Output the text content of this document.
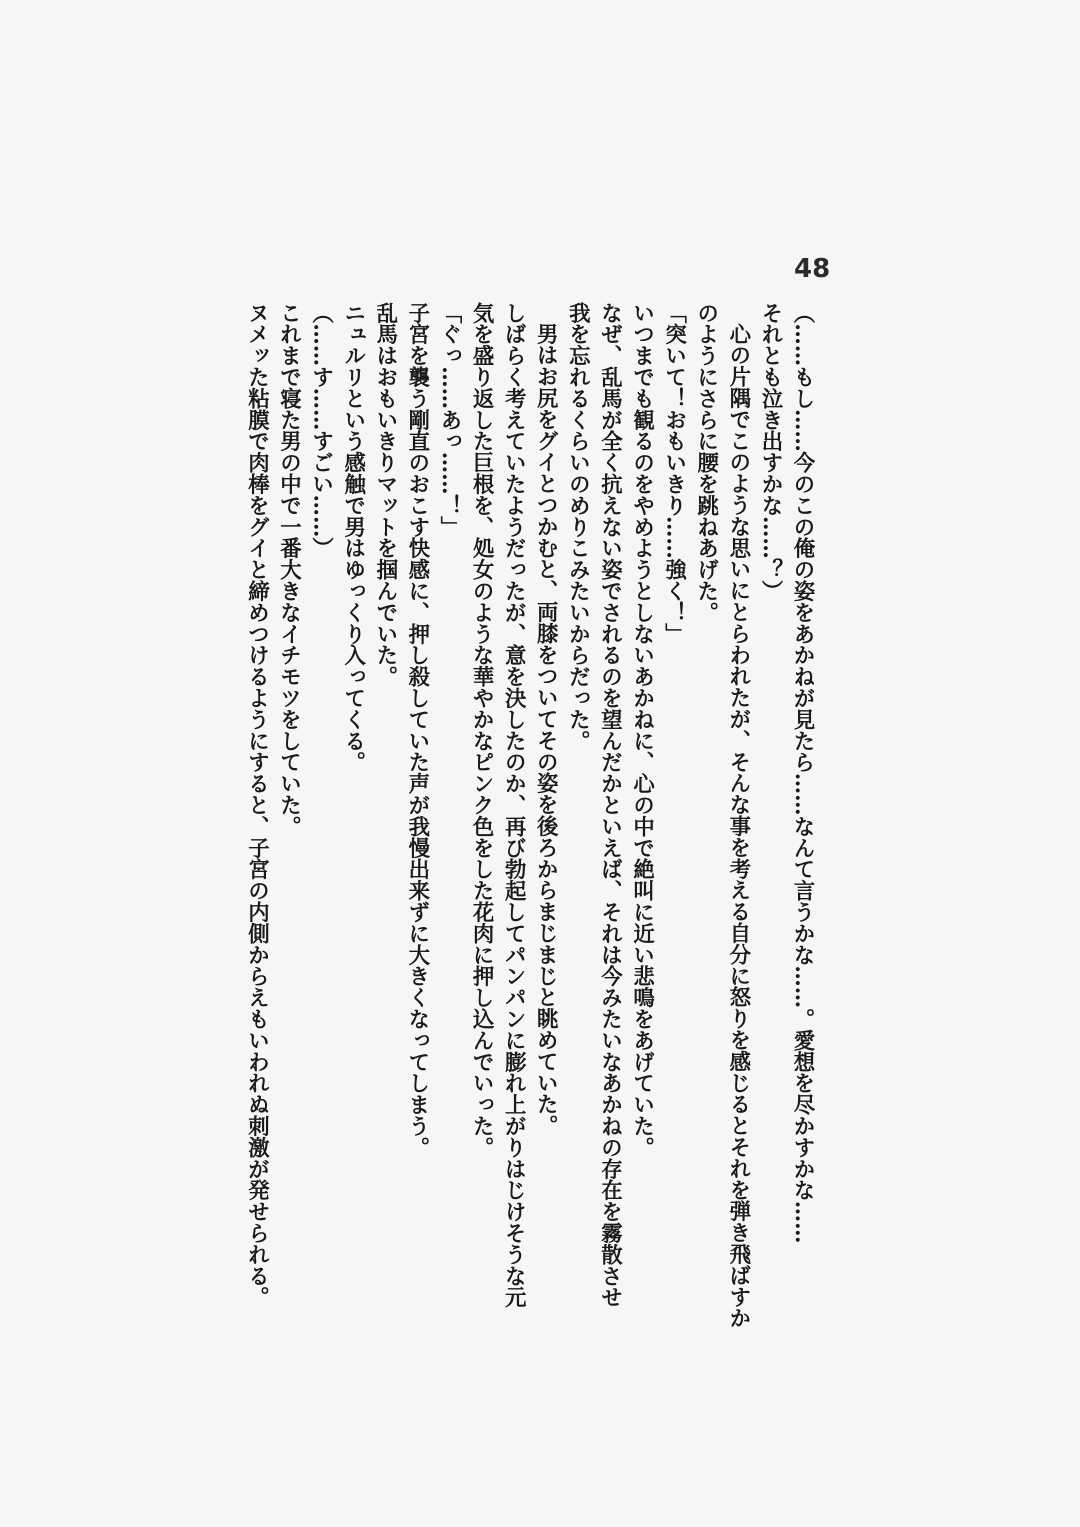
48

（……もし……今のこの俺の姿をあかねが見たら……なんて言うかな……。愛想を尽かすかな……

それとも泣き出すかな……？）

心の片隅でこのような思いにとらわれたが、そんな事を考える自分に怒りを感じるとそれを弾き飛ばすか

のようにさらに腰を跳ねあげた。

「突いて！おもいきり……強く！」

いつまでも観るのをやめようとしないあかねに、心の中で絶叫に近い悲鳴をあげていた。

なぜ、乱馬が全く抗えない姿でされるのを望んだかといえば、それは今みたいなあかねの存在を霧散させ

我を忘れるくらいのめりこみたいからだった。

男はお尻をグイとつかむと、両膝をついてその姿を後ろからまじまじと眺めていた。

しばらく考えていたようだったが、意を決したのか、再び勃起してパンパンに膨れ上がりはじけそうな元

気を盛り返した巨根を、処女のような華やかなピンク色をした花肉に押し込んでいった。

「ぐっ……あっ……！」

子宮を襲う剛直のおこす快感に、押し殺していた声が我慢出来ずに大きくなってしまう。

乱馬はおもいきりマットを掴んでいた。

ニュルリという感触で男はゆっくり入ってくる。

（……す……すごい……）

これまで寝た男の中で一番大きなイチモツをしていた。

ヌメッた粘膜で肉棒をグイと締めつけるようにすると、子宮の内側からえもいわれぬ刺激が発せられる。
